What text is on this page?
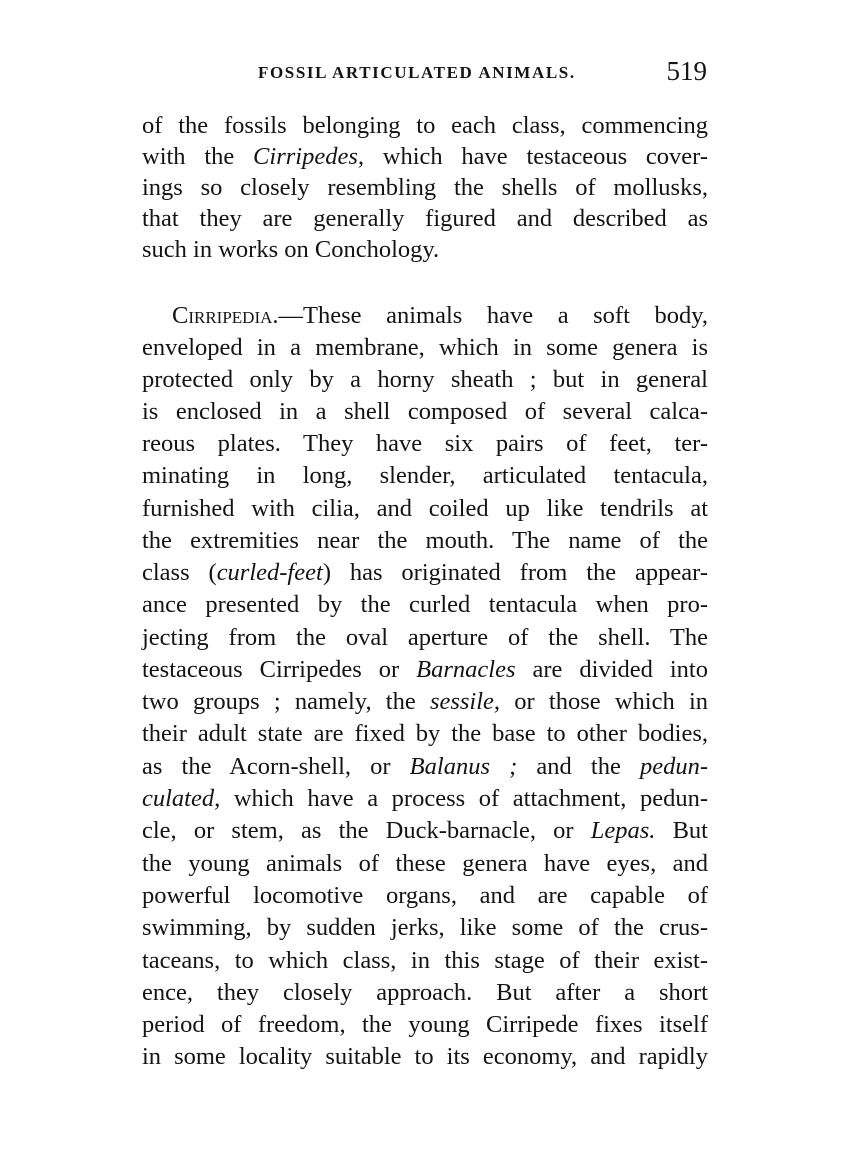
FOSSIL ARTICULATED ANIMALS.	519
of the fossils belonging to each class, commencing
with the Cirripedes, which have testaceous cover-
ings so closely resembling the shells of mollusks,
that they are generally figured and described as
such in works on Conchology.
Cirripedia.—These animals have a soft body,
enveloped in a membrane, which in some genera is
protected only by a horny sheath ; but in general
is enclosed in a shell composed of several calca-
reous plates. They have six pairs of feet, ter-
minating in long, slender, articulated tentacula,
furnished with cilia, and coiled up like tendrils at
the extremities near the mouth. The name of the
class (curled-feet) has originated from the appear-
ance presented by the curled tentacula when pro-
jecting from the oval aperture of the shell. The
testaceous Cirripedes or Barnacles are divided into
two groups ; namely, the sessile, or those which in
their adult state are fixed by the base to other bodies,
as the Acorn-shell, or Balanus ; and the pedun-
culated, which have a process of attachment, pedun-
cle, or stem, as the Duck-barnacle, or Lepas. But
the young animals of these genera have eyes, and
powerful locomotive organs, and are capable of
swimming, by sudden jerks, like some of the crus-
taceans, to which class, in this stage of their exist-
ence, they closely approach. But after a short
period of freedom, the young Cirripede fixes itself
in some locality suitable to its economy, and rapidly
